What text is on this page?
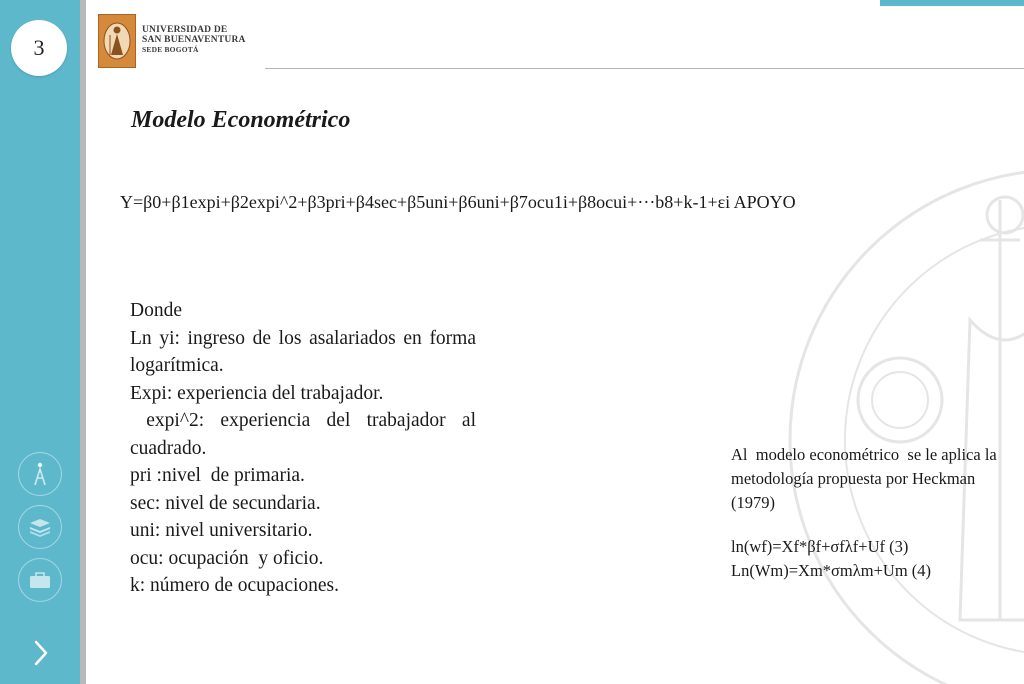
3
UNIVERSIDAD DE
SAN BUENAVENTURA
SEDE BOGOTÁ
Modelo Econométrico
Y=β0+β1expi+β2expi^2+β3pri+β4sec+β5uni+β6uni+β7ocu1i+β8ocui+···b8+k-1+εi APOYO
Donde
Ln yi: ingreso de los asalariados en forma logarítmica.
Expi: experiencia del trabajador.
expi^2: experiencia del trabajador al cuadrado.
pri :nivel  de primaria.
sec: nivel de secundaria.
uni: nivel universitario.
ocu: ocupación  y oficio.
k: número de ocupaciones.

Al  modelo econométrico  se le aplica la metodología propuesta por Heckman (1979)

ln(wf)=Xf*βf+σfλf+Uf (3)

Ln(Wm)=Xm*σmλm+Um (4)
